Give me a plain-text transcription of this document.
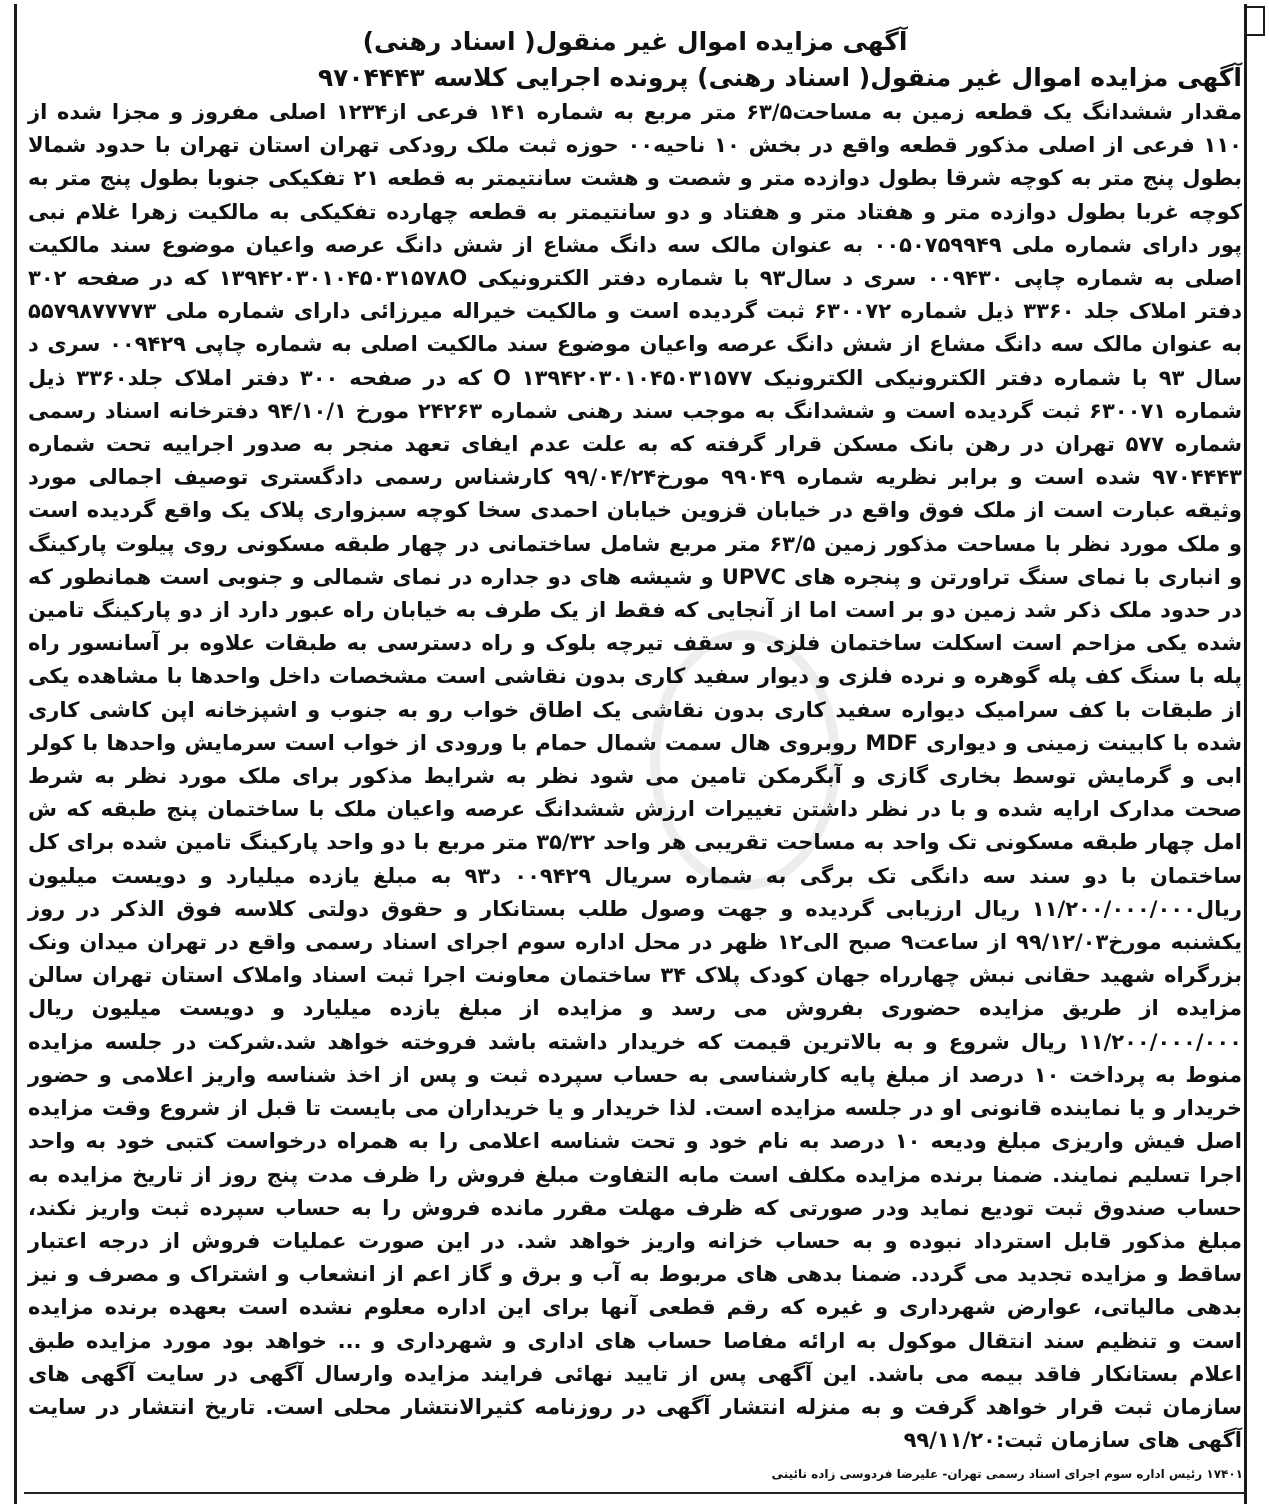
آگهی مزایده اموال غیر منقول( اسناد رهنی)
آگهی مزایده اموال غیر منقول( اسناد رهنی) پرونده اجرایی کلاسه ۹۷۰۴۴۴۳

مقدار ششدانگ یک قطعه زمین به مساحت۶۳/۵ متر مربع به شماره ۱۴۱ فرعی از۱۲۳۴ اصلی مفروز و مجزا شده از ۱۱۰ فرعی از اصلی مذکور قطعه واقع در بخش ۱۰ ناحیه۰۰ حوزه ثبت ملک رودکی تهران استان تهران با حدود شمالا بطول پنج متر به کوچه شرقا بطول دوازده متر و شصت و هشت سانتیمتر به قطعه ۲۱ تفکیکی جنوبا بطول پنج متر به کوچه غربا بطول دوازده متر و هفتاد متر و هفتاد و دو سانتیمتر به قطعه چهارده تفکیکی به مالکیت زهرا غلام نبی پور دارای شماره ملی ۰۰۵۰۷۵۹۹۴۹ به عنوان مالک سه دانگ مشاع از شش دانگ عرصه واعیان موضوع سند مالکیت اصلی به شماره چاپی ۰۰۹۴۳۰ سری د سال۹۳ با شماره دفتر الکترونیکی ۱۳۹۴۲۰۳۰۱۰۴۵۰۳۱۵۷۸O که در صفحه ۳۰۲ دفتر املاک جلد ۳۳۶۰ ذیل شماره ۶۳۰۰۷۲ ثبت گردیده است و مالکیت خیراله میرزائی دارای شماره ملی ۵۵۷۹۸۷۷۷۷۳ به عنوان مالک سه دانگ مشاع از شش دانگ عرصه واعیان موضوع سند مالکیت اصلی به شماره چاپی ۰۰۹۴۲۹ سری د سال ۹۳ با شماره دفتر الکترونیکی الکترونیک O ۱۳۹۴۲۰۳۰۱۰۴۵۰۳۱۵۷۷ که در صفحه ۳۰۰ دفتر املاک جلد۳۳۶۰ ذیل شماره ۶۳۰۰۷۱ ثبت گردیده است و ششدانگ به موجب سند رهنی شماره ۲۴۲۶۳ مورخ ۹۴/۱۰/۱ دفترخانه اسناد رسمی شماره ۵۷۷ تهران در رهن بانک مسکن قرار گرفته که به علت عدم ایفای تعهد منجر به صدور اجراییه تحت شماره ۹۷۰۴۴۴۳ شده است و برابر نظریه شماره ۹۹۰۴۹ مورخ۹۹/۰۴/۲۴ کارشناس رسمی دادگستری توصیف اجمالی مورد وثیقه عبارت است از ملک فوق واقع در خیابان قزوین خیابان احمدی سخا کوچه سبزواری پلاک یک واقع گردیده است و ملک مورد نظر با مساحت مذکور زمین ۶۳/۵ متر مربع شامل ساختمانی در چهار طبقه مسکونی روی پیلوت پارکینگ و انباری با نمای سنگ تراورتن و پنجره های UPVC و شیشه های دو جداره در نمای شمالی و جنوبی است همانطور که در حدود ملک ذکر شد زمین دو بر است اما از آنجایی که فقط از یک طرف به خیابان راه عبور دارد از دو پارکینگ تامین شده یکی مزاحم است اسکلت ساختمان فلزی و سقف تیرچه بلوک و راه دسترسی به طبقات علاوه بر آسانسور راه پله با سنگ کف پله گوهره و نرده فلزی و دیوار سفید کاری بدون نقاشی است مشخصات داخل واحدها با مشاهده یکی از طبقات با کف سرامیک دیواره سفید کاری بدون نقاشی یک اطاق خواب رو به جنوب و اشپزخانه اپن کاشی کاری شده با کابینت زمینی و دیواری MDF روبروی هال سمت شمال حمام با ورودی از خواب است سرمایش واحدها با کولر ابی و گرمایش توسط بخاری گازی و آبگرمکن تامین می شود نظر به شرایط مذکور برای ملک مورد نظر به شرط صحت مدارک ارایه شده و با در نظر داشتن تغییرات ارزش ششدانگ عرصه واعیان ملک با ساختمان پنج طبقه که ش امل چهار طبقه مسکونی تک واحد به مساحت تقریبی هر واحد ۳۵/۳۲ متر مربع با دو واحد پارکینگ تامین شده برای کل ساختمان با دو سند سه دانگی تک برگی به شماره سریال ۰۰۹۴۲۹ د۹۳ به مبلغ یازده میلیارد و دویست میلیون ریال۱۱/۲۰۰/۰۰۰/۰۰۰ ریال ارزیابی گردیده و جهت وصول طلب بستانکار و حقوق دولتی کلاسه فوق الذکر در روز یکشنبه مورخ۹۹/۱۲/۰۳ از ساعت۹ صبح الی۱۲ ظهر در محل اداره سوم اجرای اسناد رسمی واقع در تهران میدان ونک بزرگراه شهید حقانی نبش چهارراه جهان کودک پلاک ۳۴ ساختمان معاونت اجرا ثبت اسناد واملاک استان تهران سالن مزایده از طریق مزایده حضوری بفروش می رسد و مزایده از مبلغ یازده میلیارد و دویست میلیون ریال ۱۱/۲۰۰/۰۰۰/۰۰۰ ریال شروع و به بالاترین قیمت که خریدار داشته باشد فروخته خواهد شد.شرکت در جلسه مزایده منوط به پرداخت ۱۰ درصد از مبلغ پایه کارشناسی به حساب سپرده ثبت و پس از اخذ شناسه واریز اعلامی و حضور خریدار و یا نماینده قانونی او در جلسه مزایده است. لذا خریدار و یا خریداران می بایست تا قبل از شروع وقت مزایده اصل فیش واریزی مبلغ ودیعه ۱۰ درصد به نام خود و تحت شناسه اعلامی را به همراه درخواست کتبی خود به واحد اجرا تسلیم نمایند. ضمنا برنده مزایده مکلف است مابه التفاوت مبلغ فروش را ظرف مدت پنج روز از تاریخ مزایده به حساب صندوق ثبت تودیع نماید ودر صورتی که ظرف مهلت مقرر مانده فروش را به حساب سپرده ثبت واریز نکند، مبلغ مذکور قابل استرداد نبوده و به حساب خزانه واریز خواهد شد. در این صورت عملیات فروش از درجه اعتبار ساقط و مزایده تجدید می گردد. ضمنا بدهی های مربوط به آب و برق و گاز اعم از انشعاب و اشتراک و مصرف و نیز بدهی مالیاتی، عوارض شهرداری و غیره که رقم قطعی آنها برای این اداره معلوم نشده است بعهده برنده مزایده است و تنظیم سند انتقال موکول به ارائه مفاصا حساب های اداری و شهرداری و ... خواهد بود مورد مزایده طبق اعلام بستانکار فاقد بیمه می باشد. این آگهی پس از تایید نهائی فرایند مزایده وارسال آگهی در سایت آگهی های سازمان ثبت قرار خواهد گرفت و به منزله انتشار آگهی در روزنامه کثیرالانتشار محلی است. تاریخ انتشار در سایت آگهی های سازمان ثبت:۹۹/۱۱/۲۰

۱۷۴۰۱ رئیس اداره سوم اجرای اسناد رسمی تهران- علیرضا فردوسی زاده نائینی
